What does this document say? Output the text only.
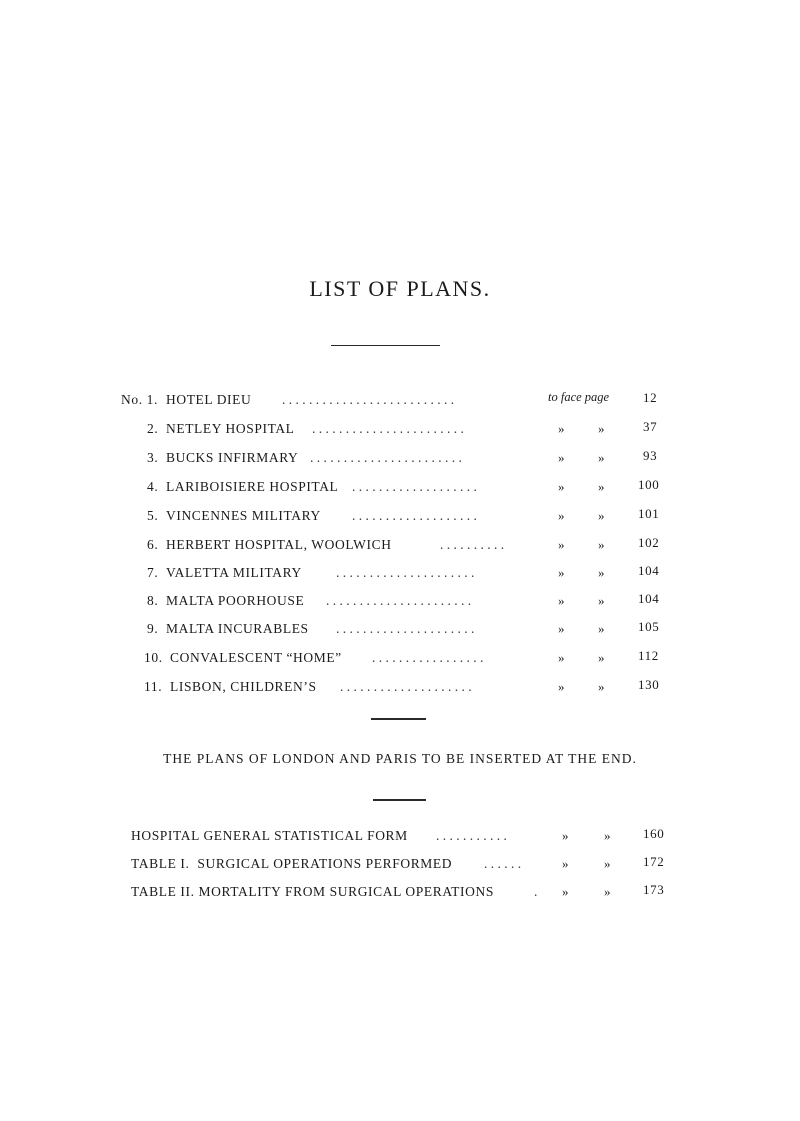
LIST OF PLANS.
No. 1. HOTEL DIEU . . . . . . . . . . . . . . . . . . . . . . . . . .	to face page	12
2. NETLEY HOSPITAL . . . . . . . . . . . . . . . . . . . . . . .	»	»	37
3. BUCKS INFIRMARY . . . . . . . . . . . . . . . . . . . . . . .	»	»	93
4. LARIBOISIERE HOSPITAL . . . . . . . . . . . . . . . . . . .	»	»	100
5. VINCENNES MILITARY . . . . . . . . . . . . . . . . . . .	»	»	101
6. HERBERT HOSPITAL, WOOLWICH	. . . . . . . . . .	»	»	102
7. VALETTA MILITARY	. . . . . . . . . . . . . . . . . . . . .	»	»	104
8. MALTA POORHOUSE . . . . . . . . . . . . . . . . . . . . . .	»	»	104
9. MALTA INCURABLES . . . . . . . . . . . . . . . . . . . . .	»	»	105
10. CONVALESCENT “HOME” . . . . . . . . . . . . . . . . .	»	»	112
11. LISBON, CHILDREN’S . . . . . . . . . . . . . . . . . . . .	»	»	130
THE PLANS OF LONDON AND PARIS TO BE INSERTED AT THE END.
HOSPITAL GENERAL STATISTICAL FORM . . . . . . . . . . .	»	» 160
TABLE I.  SURGICAL OPERATIONS PERFORMED . . . . . .	»	» 172
TABLE II. MORTALITY FROM SURGICAL OPERATIONS	.	»	» 173
